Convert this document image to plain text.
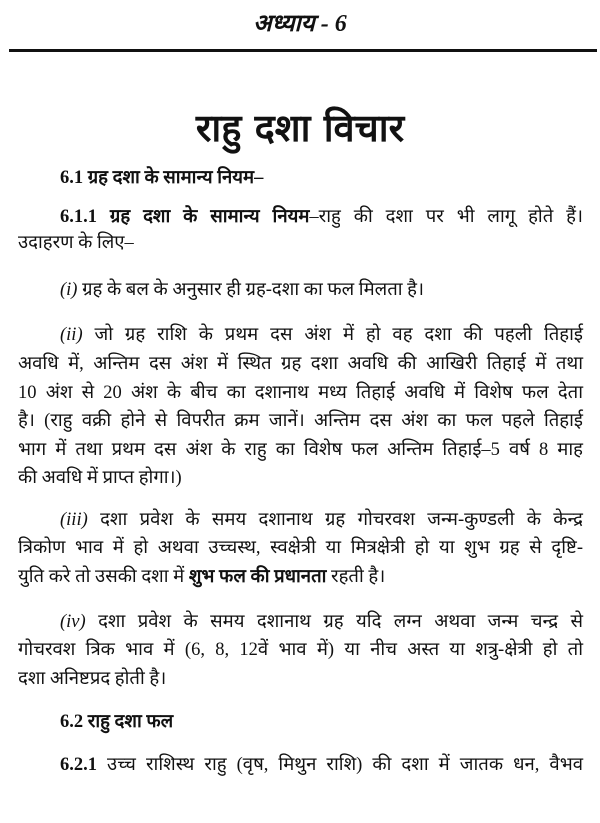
अध्याय - 6
राहु दशा विचार
6.1 ग्रह दशा के सामान्य नियम–
6.1.1 ग्रह दशा के सामान्य नियम–राहु की दशा पर भी लागू होते हैं।
उदाहरण के लिए–
(i) ग्रह के बल के अनुसार ही ग्रह-दशा का फल मिलता है।
(ii) जो ग्रह राशि के प्रथम दस अंश में हो वह दशा की पहली तिहाई
अवधि में, अन्तिम दस अंश में स्थित ग्रह दशा अवधि की आखिरी तिहाई में तथा
10 अंश से 20 अंश के बीच का दशानाथ मध्य तिहाई अवधि में विशेष फल देता
है। (राहु वक्री होने से विपरीत क्रम जानें। अन्तिम दस अंश का फल पहले तिहाई
भाग में तथा प्रथम दस अंश के राहु का विशेष फल अन्तिम तिहाई–5 वर्ष 8 माह
की अवधि में प्राप्त होगा।)
(iii) दशा प्रवेश के समय दशानाथ ग्रह गोचरवश जन्म-कुण्डली के केन्द्र
त्रिकोण भाव में हो अथवा उच्चस्थ, स्वक्षेत्री या मित्रक्षेत्री हो या शुभ ग्रह से दृष्टि-
युति करे तो उसकी दशा में शुभ फल की प्रधानता रहती है।
(iv) दशा प्रवेश के समय दशानाथ ग्रह यदि लग्न अथवा जन्म चन्द्र से
गोचरवश त्रिक भाव में (6, 8, 12वें भाव में) या नीच अस्त या शत्रु-क्षेत्री हो तो
दशा अनिष्टप्रद होती है।
6.2 राहु दशा फल
6.2.1 उच्च राशिस्थ राहु (वृष, मिथुन राशि) की दशा में जातक धन, वैभव
